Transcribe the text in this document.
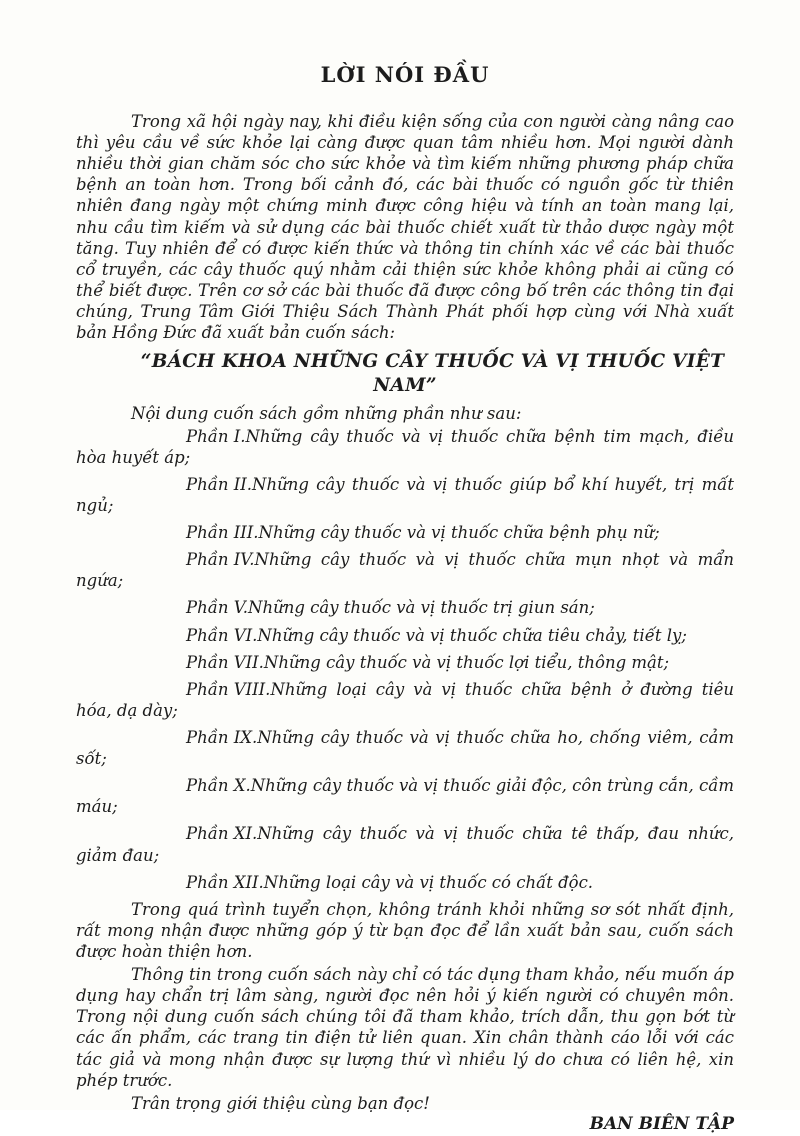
LỜI NÓI ĐẦU

Trong xã hội ngày nay, khi điều kiện sống của con người càng nâng cao thì yêu cầu về sức khỏe lại càng được quan tâm nhiều hơn. Mọi người dành nhiều thời gian chăm sóc cho sức khỏe và tìm kiếm những phương pháp chữa bệnh an toàn hơn. Trong bối cảnh đó, các bài thuốc có nguồn gốc từ thiên nhiên đang ngày một chứng minh được công hiệu và tính an toàn mang lại, nhu cầu tìm kiếm và sử dụng các bài thuốc chiết xuất từ thảo dược ngày một tăng. Tuy nhiên để có được kiến thức và thông tin chính xác về các bài thuốc cổ truyền, các cây thuốc quý nhằm cải thiện sức khỏe không phải ai cũng có thể biết được. Trên cơ sở các bài thuốc đã được công bố trên các thông tin đại chúng, Trung Tâm Giới Thiệu Sách Thành Phát phối hợp cùng với Nhà xuất bản Hồng Đức đã xuất bản cuốn sách:

“BÁCH KHOA NHỮNG CÂY THUỐC VÀ VỊ THUỐC VIỆT NAM”

Nội dung cuốn sách gồm những phần như sau:

Phần I.Những cây thuốc và vị thuốc chữa bệnh tim mạch, điều hòa huyết áp;

Phần II.Những cây thuốc và vị thuốc giúp bổ khí huyết, trị mất ngủ;

Phần III.Những cây thuốc và vị thuốc chữa bệnh phụ nữ;

Phần IV.Những cây thuốc và vị thuốc chữa mụn nhọt và mẩn ngứa;

Phần V.Những cây thuốc và vị thuốc trị giun sán;

Phần VI.Những cây thuốc và vị thuốc chữa tiêu chảy, tiết lỵ;

Phần VII.Những cây thuốc và vị thuốc lợi tiểu, thông mật;

Phần VIII.Những loại cây và vị thuốc chữa bệnh ở đường tiêu hóa, dạ dày;

Phần IX.Những cây thuốc và vị thuốc chữa ho, chống viêm, cảm sốt;

Phần X.Những cây thuốc và vị thuốc giải độc, côn trùng cắn, cầm máu;

Phần XI.Những cây thuốc và vị thuốc chữa tê thấp, đau nhức, giảm đau;

Phần XII.Những loại cây và vị thuốc có chất độc.

Trong quá trình tuyển chọn, không tránh khỏi những sơ sót nhất định, rất mong nhận được những góp ý từ bạn đọc để lần xuất bản sau, cuốn sách được hoàn thiện hơn.

Thông tin trong cuốn sách này chỉ có tác dụng tham khảo, nếu muốn áp dụng hay chẩn trị lâm sàng, người đọc nên hỏi ý kiến người có chuyên môn. Trong nội dung cuốn sách chúng tôi đã tham khảo, trích dẫn, thu gọn bớt từ các ấn phẩm, các trang tin điện tử liên quan. Xin chân thành cáo lỗi với các tác giả và mong nhận được sự lượng thứ vì nhiều lý do chưa có liên hệ, xin phép trước.

Trân trọng giới thiệu cùng bạn đọc!

BAN BIÊN TẬP
